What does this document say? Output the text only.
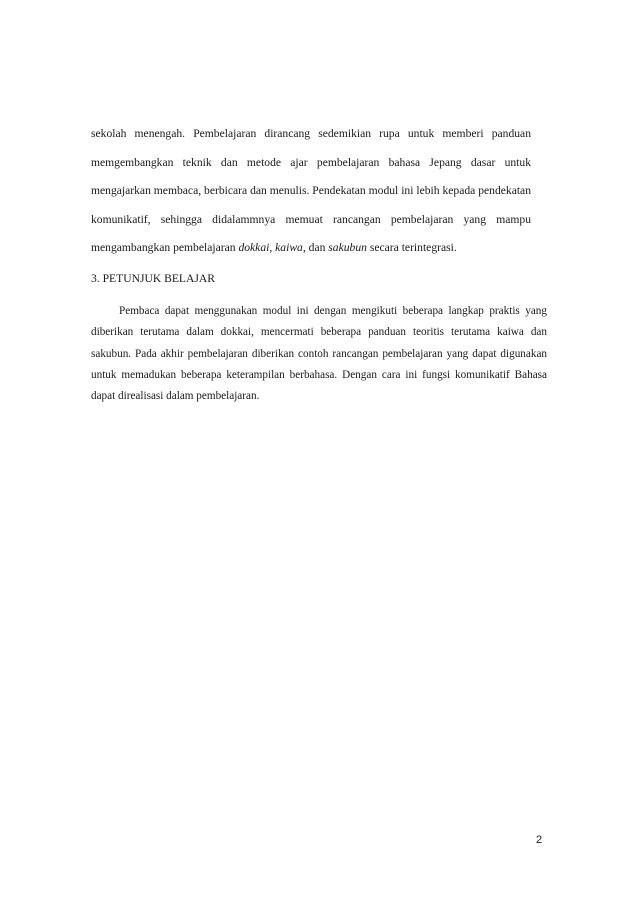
sekolah menengah. Pembelajaran dirancang sedemikian rupa untuk memberi panduan memgembangkan teknik dan metode ajar pembelajaran bahasa Jepang dasar untuk mengajarkan membaca, berbicara dan menulis. Pendekatan modul ini lebih kepada pendekatan komunikatif, sehingga didalammnya memuat rancangan pembelajaran yang mampu mengambangkan pembelajaran dokkai, kaiwa, dan sakubun secara terintegrasi.

3. PETUNJUK BELAJAR

Pembaca dapat menggunakan modul ini dengan mengikuti beberapa langkap praktis yang diberikan terutama dalam dokkai, mencermati beberapa panduan teoritis terutama kaiwa dan sakubun. Pada akhir pembelajaran diberikan contoh rancangan pembelajaran yang dapat digunakan untuk memadukan beberapa keterampilan berbahasa. Dengan cara ini fungsi komunikatif Bahasa dapat direalisasi dalam pembelajaran.

2
